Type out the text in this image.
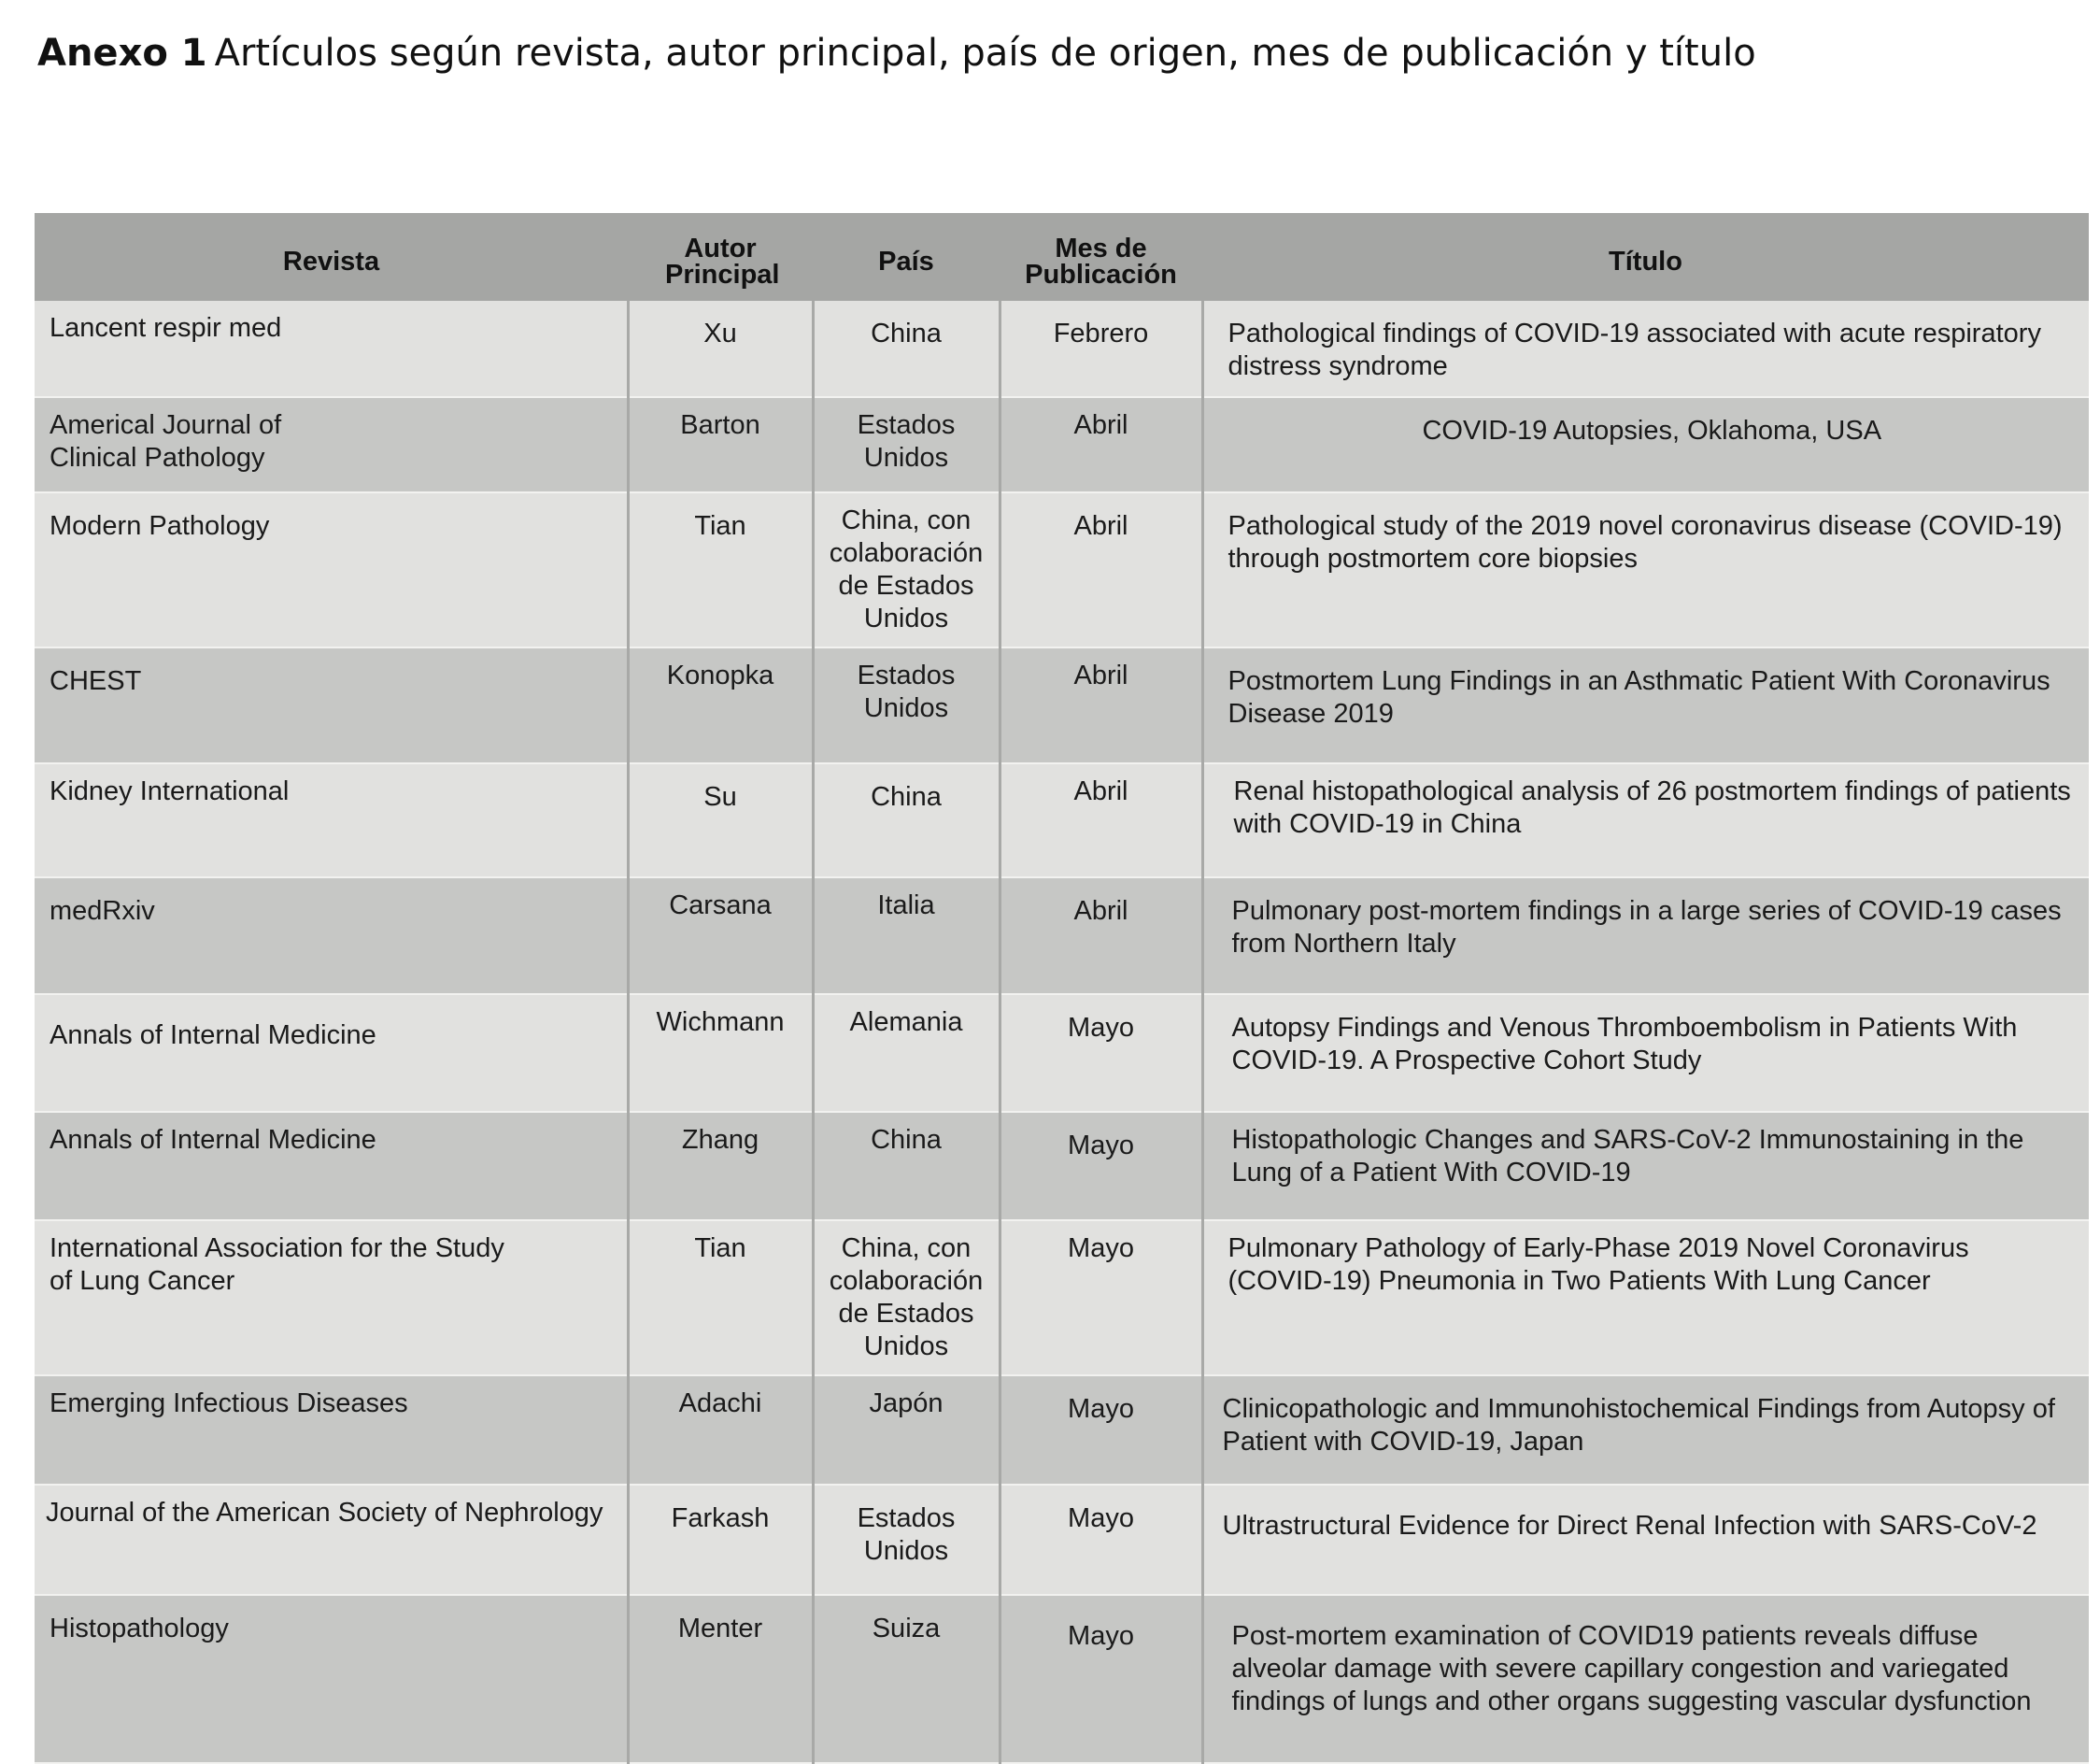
Anexo 1 Artículos según revista, autor principal, país de origen, mes de publicación y título
Revista	Autor Principal	País	Mes de Publicación	Título
Lancent respir med	Xu	China	Febrero	Pathological findings of COVID-19 associated with acute respiratory distress syndrome
Americal Journal of Clinical Pathology	Barton	Estados Unidos	Abril	COVID-19 Autopsies, Oklahoma, USA
Modern Pathology	Tian	China, con colaboración de Estados Unidos	Abril	Pathological study of the 2019 novel coronavirus disease (COVID-19) through postmortem core biopsies
CHEST	Konopka	Estados Unidos	Abril	Postmortem Lung Findings in an Asthmatic Patient With Coronavirus Disease 2019
Kidney International	Su	China	Abril	Renal histopathological analysis of 26 postmortem findings of patients with COVID-19 in China
medRxiv	Carsana	Italia	Abril	Pulmonary post-mortem findings in a large series of COVID-19 cases from Northern Italy
Annals of Internal Medicine	Wichmann	Alemania	Mayo	Autopsy Findings and Venous Thromboembolism in Patients With COVID-19. A Prospective Cohort Study
Annals of Internal Medicine	Zhang	China	Mayo	Histopathologic Changes and SARS-CoV-2 Immunostaining in the Lung of a Patient With COVID-19
International Association for the Study of Lung Cancer	Tian	China, con colaboración de Estados Unidos	Mayo	Pulmonary Pathology of Early-Phase 2019 Novel Coronavirus (COVID-19) Pneumonia in Two Patients With Lung Cancer
Emerging Infectious Diseases	Adachi	Japón	Mayo	Clinicopathologic and Immunohistochemical Findings from Autopsy of Patient with COVID-19, Japan
Journal of the American Society of Nephrology	Farkash	Estados Unidos	Mayo	Ultrastructural Evidence for Direct Renal Infection with SARS-CoV-2
Histopathology	Menter	Suiza	Mayo	Post-mortem examination of COVID19 patients reveals diffuse alveolar damage with severe capillary congestion and variegated findings of lungs and other organs suggesting vascular dysfunction
